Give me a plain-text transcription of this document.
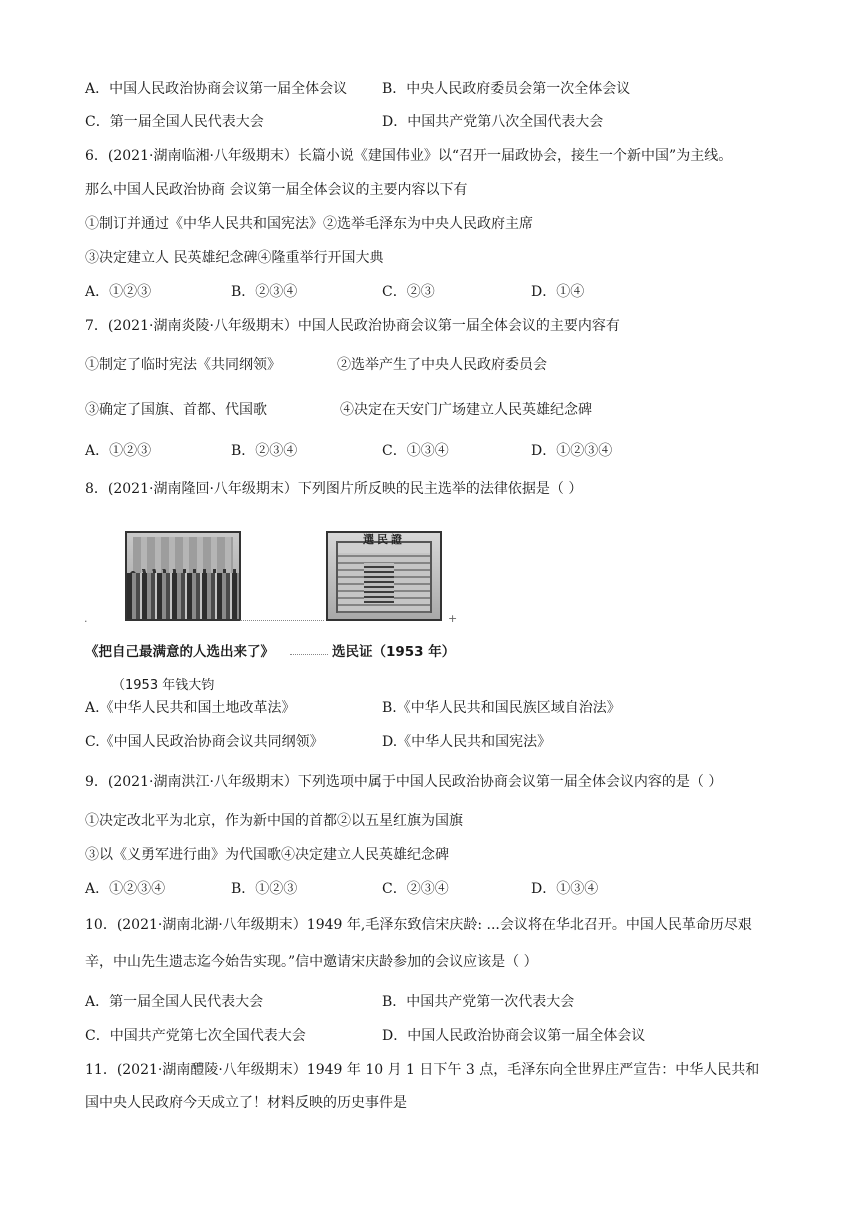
A．中国人民政治协商会议第一届全体会议 B．中央人民政府委员会第一次全体会议
C．第一届全国人民代表大会	D．中国共产党第八次全国代表大会
6．(2021·湖南临湘·八年级期末）长篇小说《建国伟业》以“召开一届政协会，接生一个新中国”为主线。
那么中国人民政治协商 会议第一届全体会议的主要内容以下有
①制订并通过《中华人民共和国宪法》②选举毛泽东为中央人民政府主席
③决定建立人 民英雄纪念碑④隆重举行开国大典
A．①②③	B．②③④	C．②③	D．①④
7．(2021·湖南炎陵·八年级期末）中国人民政治协商会议第一届全体会议的主要内容有
①制定了临时宪法《共同纲领》	②选举产生了中央人民政府委员会
③确定了国旗、首都、代国歌	④决定在天安门广场建立人民英雄纪念碑
A．①②③	B．②③④	C．①③④	D．①②③④
8．(2021·湖南隆回·八年级期末）下列图片所反映的民主选举的法律依据是（ ）
A.《中华人民共和国土地改革法》	B.《中华人民共和国民族区域自治法》
C.《中国人民政治协商会议共同纲领》	D.《中华人民共和国宪法》
9．(2021·湖南洪江·八年级期末）下列选项中属于中国人民政治协商会议第一届全体会议内容的是（ ）
①决定改北平为北京，作为新中国的首都②以五星红旗为国旗
③以《义勇军进行曲》为代国歌④决定建立人民英雄纪念碑
A．①②③④	B．①②③	C．②③④	D．①③④
10．(2021·湖南北湖·八年级期末）1949 年,毛泽东致信宋庆龄: ...会议将在华北召开。中国人民革命历尽艰
辛，中山先生遗志迄今始告实现。”信中邀请宋庆龄参加的会议应该是（ ）
A．第一届全国人民代表大会	B．中国共产党第一次代表大会
C．中国共产党第七次全国代表大会	D．中国人民政治协商会议第一届全体会议
11．(2021·湖南醴陵·八年级期末）1949 年 10 月 1 日下午 3 点，毛泽东向全世界庄严宣告：中华人民共和
国中央人民政府今天成立了！材料反映的历史事件是
選民證
.	+
《把自己最满意的人选出来了》	选民证（1953 年）
（1953 年钱大钧
